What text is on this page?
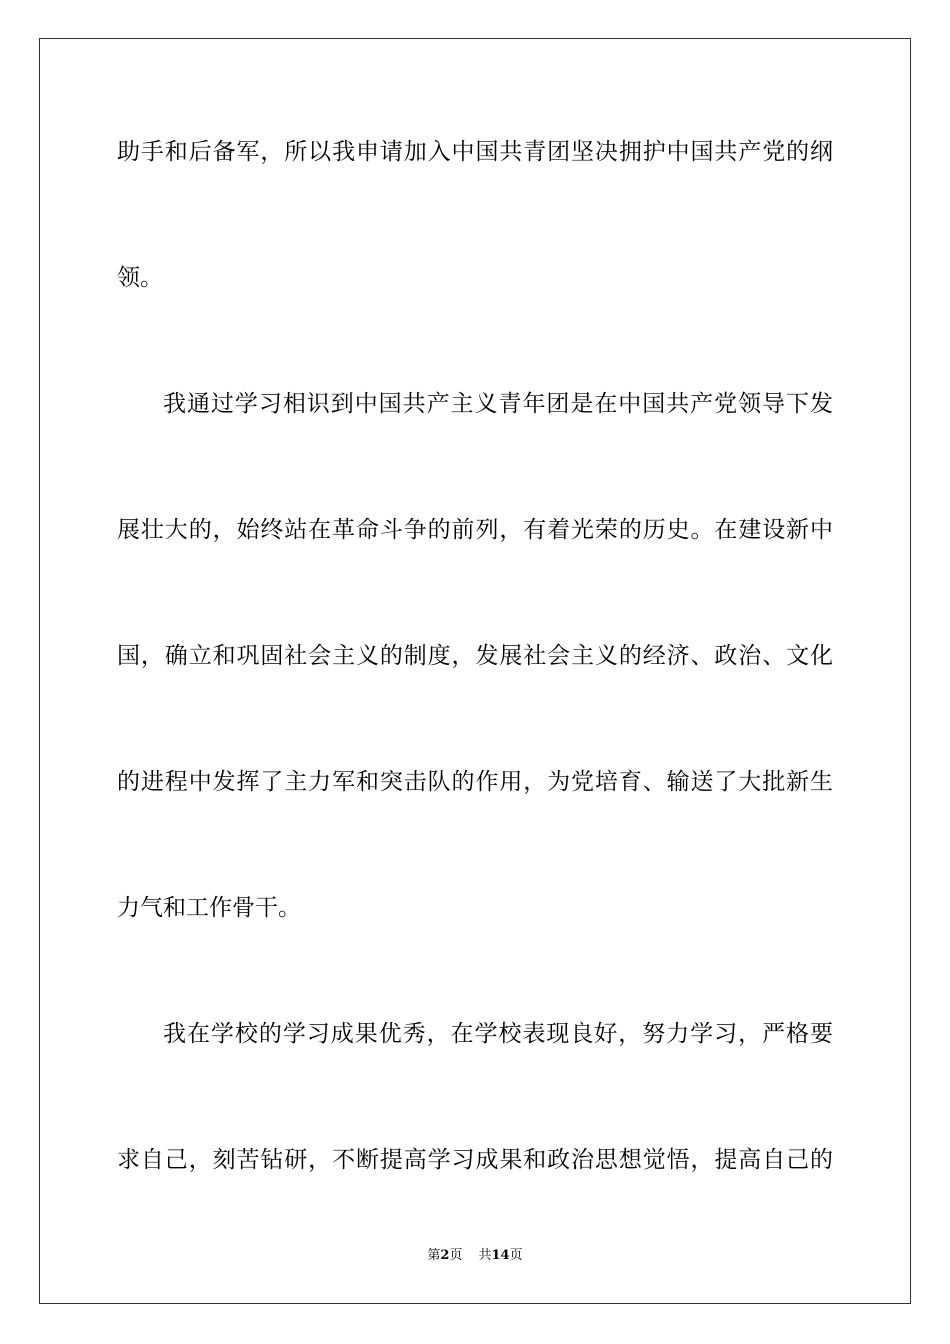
助手和后备军，所以我申请加入中国共青团坚决拥护中国共产党的纲
领。
我通过学习相识到中国共产主义青年团是在中国共产党领导下发
展壮大的，始终站在革命斗争的前列，有着光荣的历史。在建设新中
国，确立和巩固社会主义的制度，发展社会主义的经济、政治、文化
的进程中发挥了主力军和突击队的作用，为党培育、输送了大批新生
力气和工作骨干。
我在学校的学习成果优秀，在学校表现良好，努力学习，严格要
求自己，刻苦钻研，不断提高学习成果和政治思想觉悟，提高自己的
第2页 共14页
